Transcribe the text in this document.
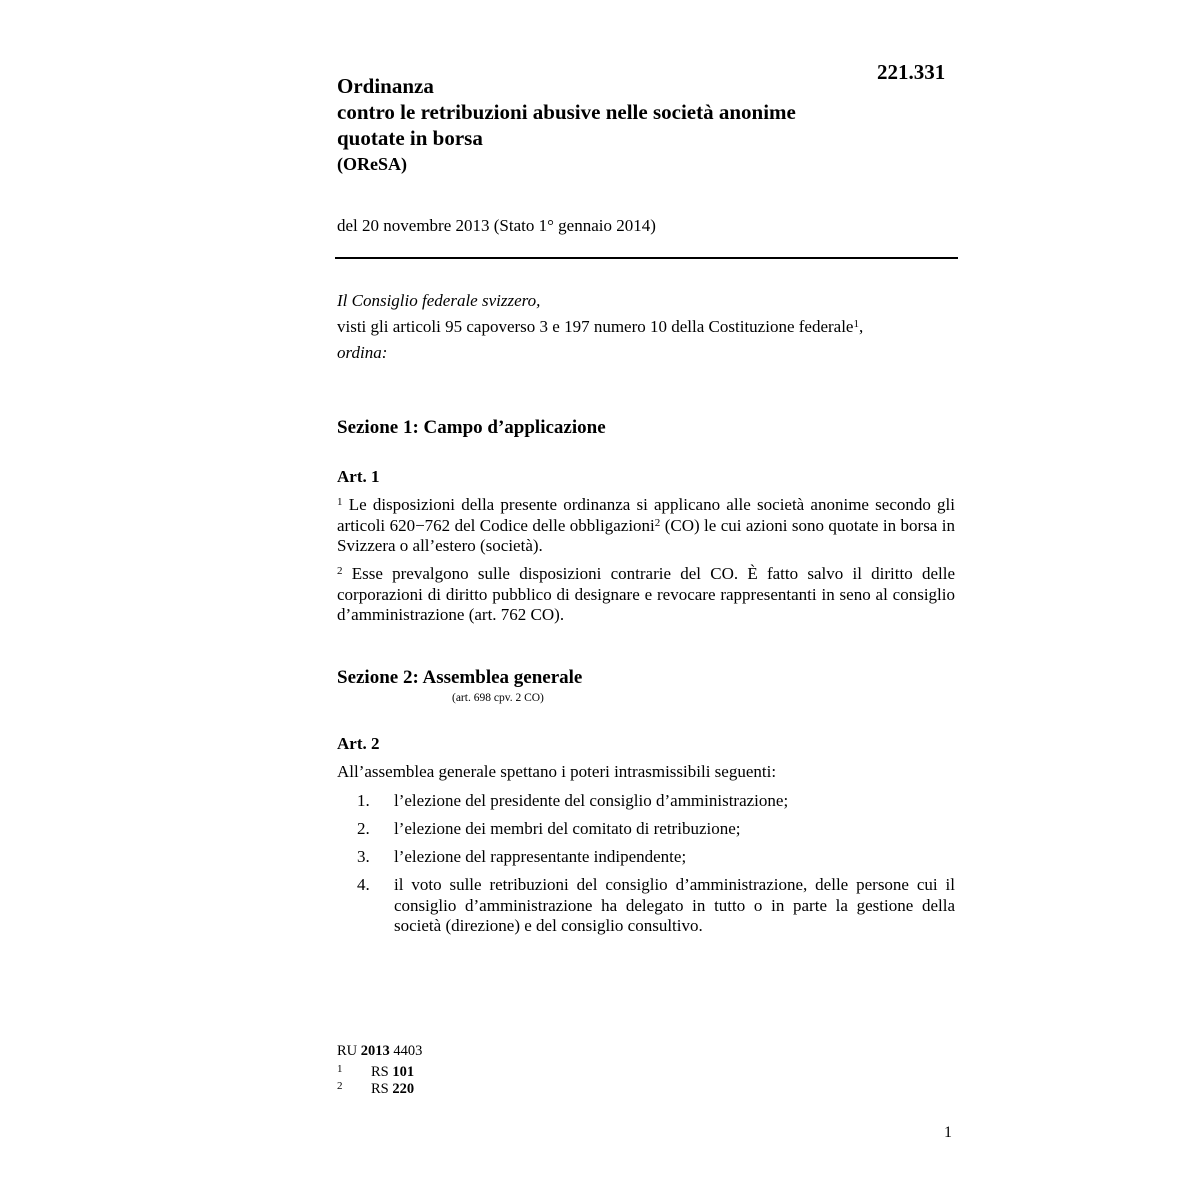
221.331
Ordinanza
contro le retribuzioni abusive nelle società anonime
quotate in borsa
(OReSA)
del 20 novembre 2013 (Stato 1° gennaio 2014)
Il Consiglio federale svizzero,
visti gli articoli 95 capoverso 3 e 197 numero 10 della Costituzione federale$^1$,
ordina:
Sezione 1: Campo d’applicazione
Art. 1
$^1$ Le disposizioni della presente ordinanza si applicano alle società anonime secondo gli articoli 620−762 del Codice delle obbligazioni$^2$ (CO) le cui azioni sono quotate in borsa in Svizzera o all’estero (società).
$^2$ Esse prevalgono sulle disposizioni contrarie del CO. È fatto salvo il diritto delle corporazioni di diritto pubblico di designare e revocare rappresentanti in seno al consiglio d’amministrazione (art. 762 CO).
Sezione 2: Assemblea generale
(art. 698 cpv. 2 CO)
Art. 2
All’assemblea generale spettano i poteri intrasmissibili seguenti:
1. l’elezione del presidente del consiglio d’amministrazione;
2. l’elezione dei membri del comitato di retribuzione;
3. l’elezione del rappresentante indipendente;
4. il voto sulle retribuzioni del consiglio d’amministrazione, delle persone cui il consiglio d’amministrazione ha delegato in tutto o in parte la gestione della società (direzione) e del consiglio consultivo.
RU 2013 4403
1 RS 101
2 RS 220
1
